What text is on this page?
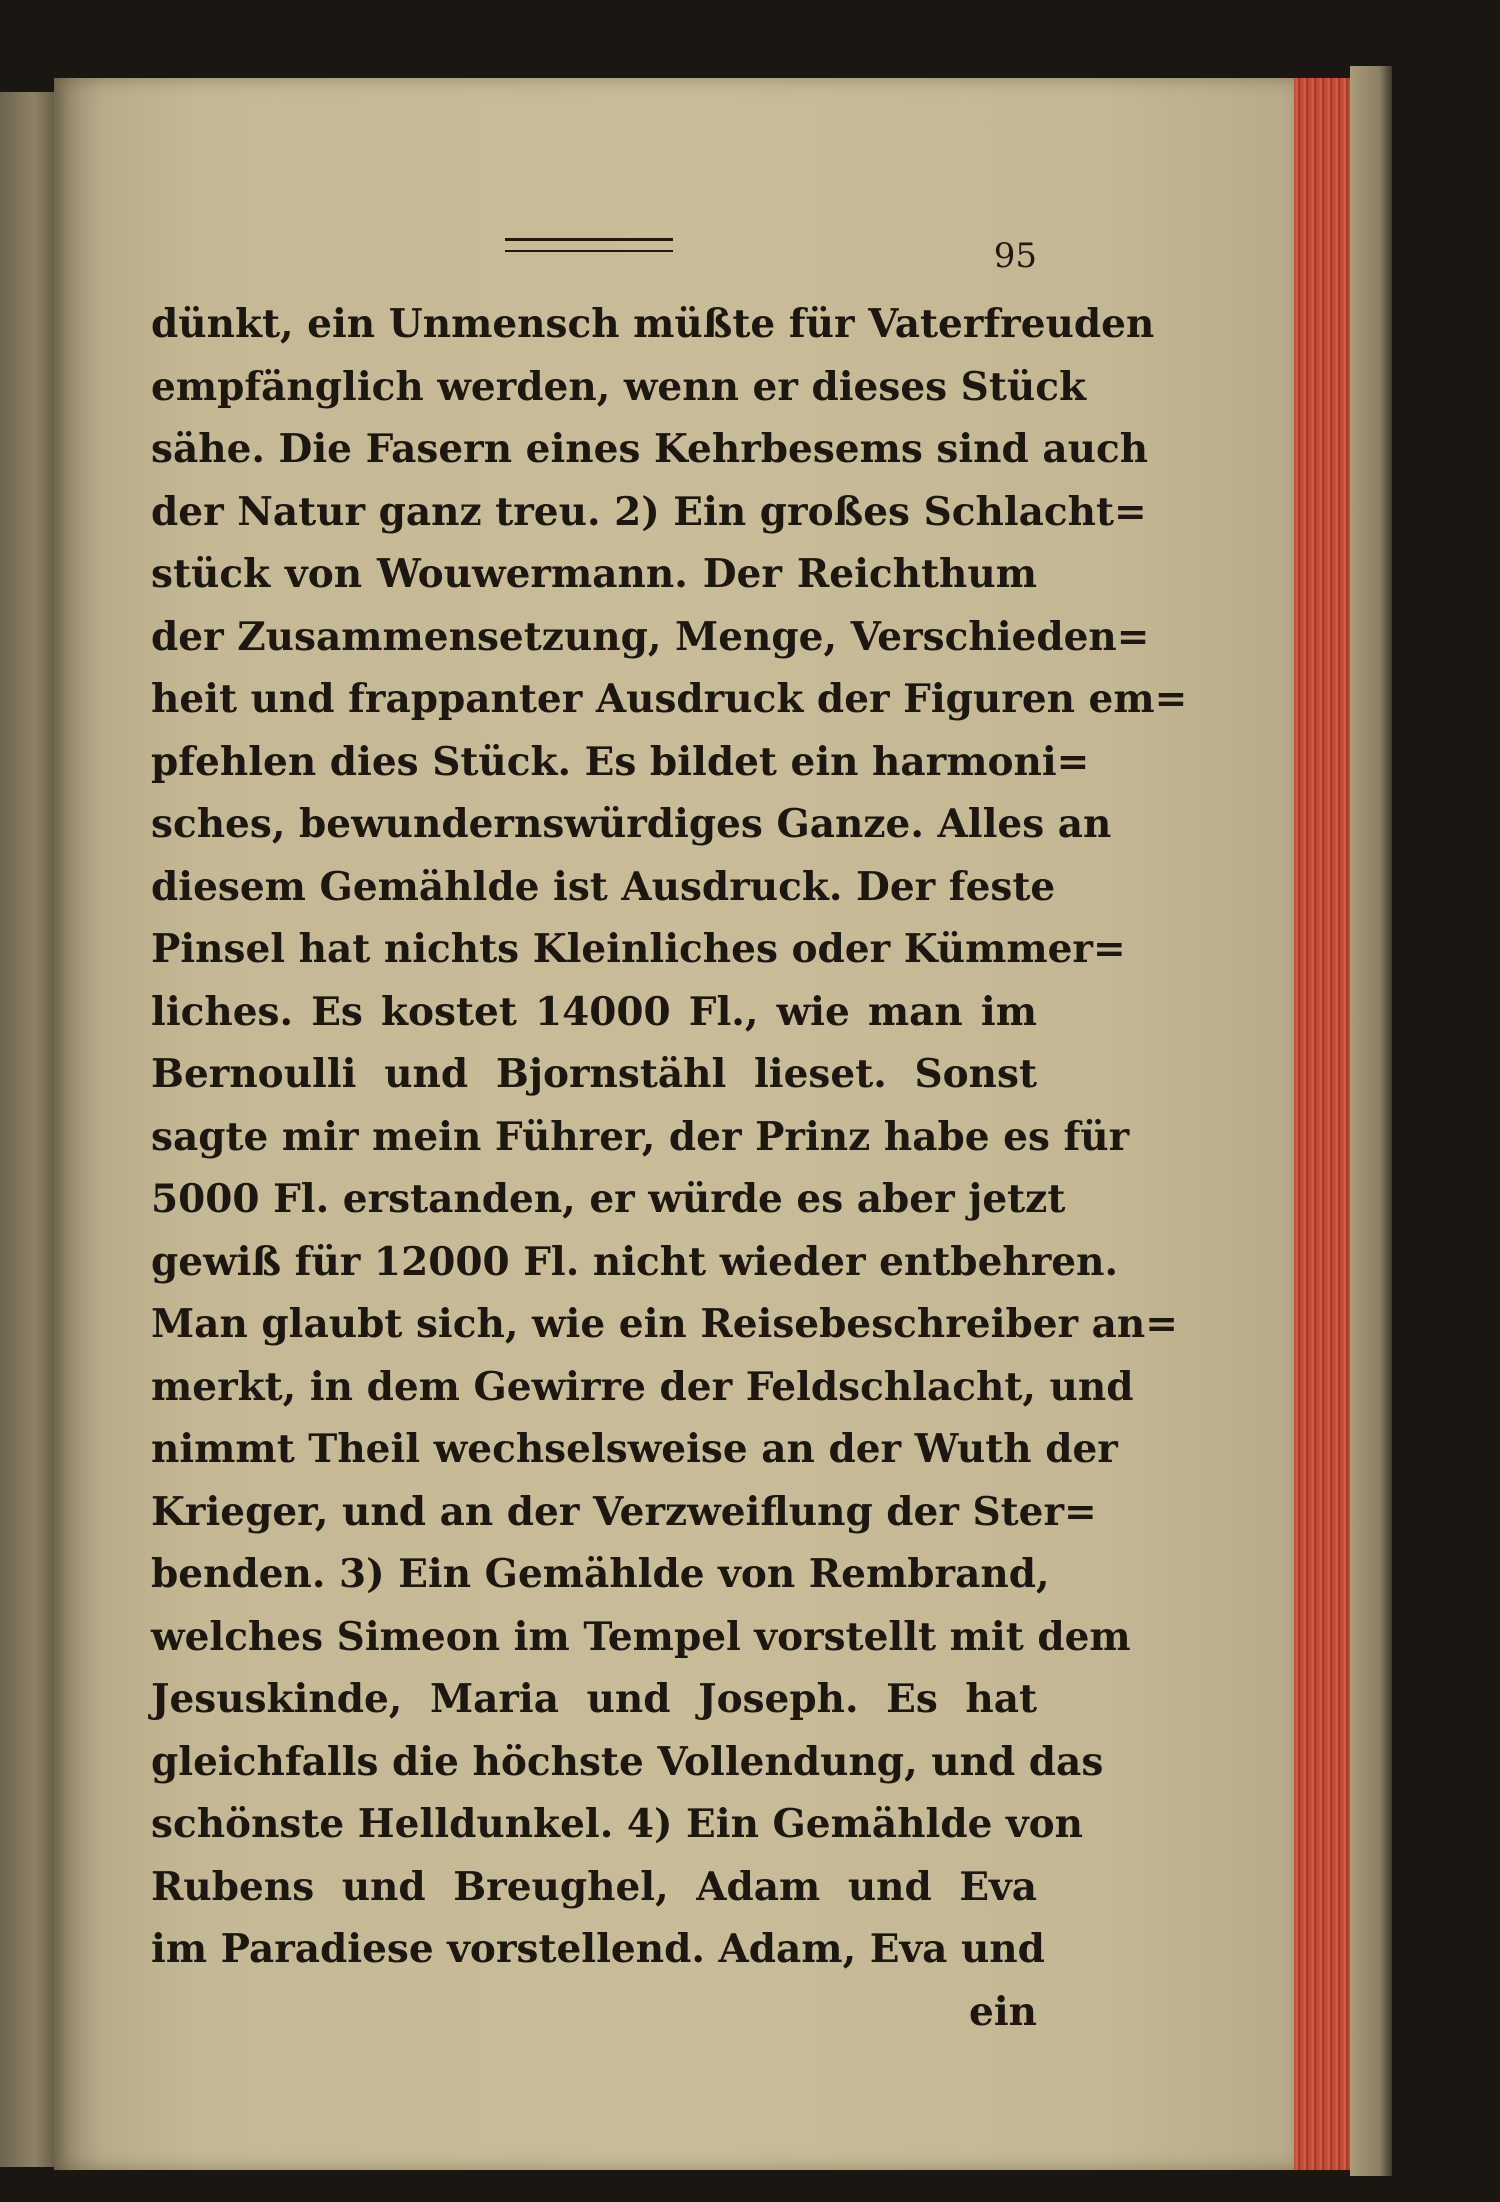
95
dünkt, ein Unmensch müßte für Vaterfreuden
empfänglich werden, wenn er dieses Stück
sähe. Die Fasern eines Kehrbesems sind auch
der Natur ganz treu. 2) Ein großes Schlacht=
stück von Wouwermann. Der Reichthum
der Zusammensetzung, Menge, Verschieden=
heit und frappanter Ausdruck der Figuren em=
pfehlen dies Stück. Es bildet ein harmoni=
sches, bewundernswürdiges Ganze. Alles an
diesem Gemählde ist Ausdruck. Der feste
Pinsel hat nichts Kleinliches oder Kümmer=
liches. Es kostet 14000 Fl., wie man im
Bernoulli und Bjornstähl lieset. Sonst
sagte mir mein Führer, der Prinz habe es für
5000 Fl. erstanden, er würde es aber jetzt
gewiß für 12000 Fl. nicht wieder entbehren.
Man glaubt sich, wie ein Reisebeschreiber an=
merkt, in dem Gewirre der Feldschlacht, und
nimmt Theil wechselsweise an der Wuth der
Krieger, und an der Verzweiflung der Ster=
benden. 3) Ein Gemählde von Rembrand,
welches Simeon im Tempel vorstellt mit dem
Jesuskinde, Maria und Joseph. Es hat
gleichfalls die höchste Vollendung, und das
schönste Helldunkel. 4) Ein Gemählde von
Rubens und Breughel, Adam und Eva
im Paradiese vorstellend. Adam, Eva und
ein
